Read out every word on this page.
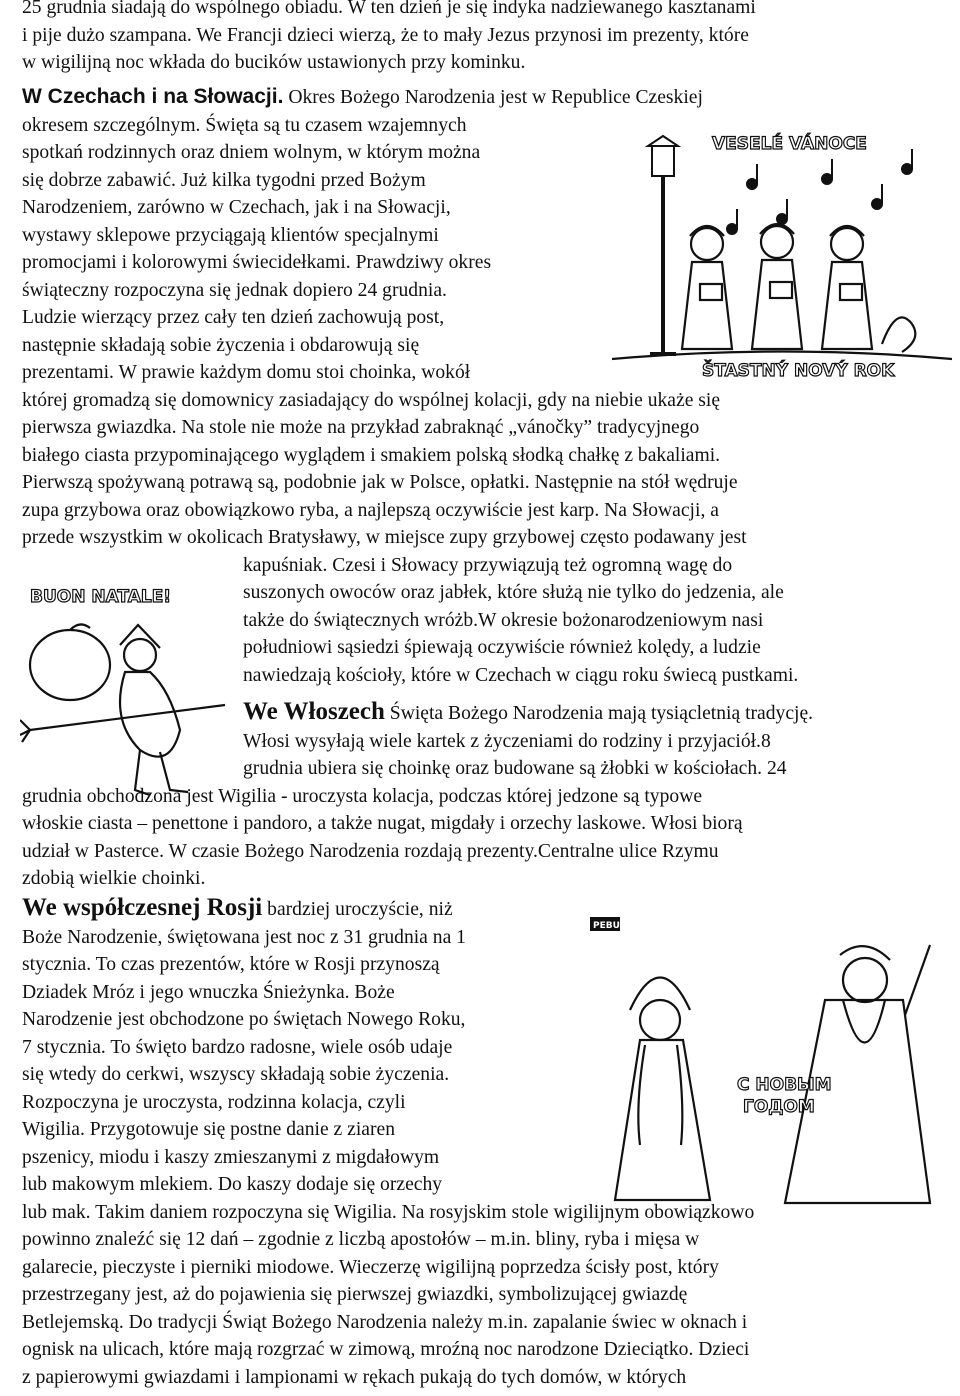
25 grudnia siadają do wspólnego obiadu. W ten dzień je się indyka nadziewanego kasztanami
i pije dużo szampana. We Francji dzieci wierzą, że to mały Jezus przynosi im prezenty, które
w wigilijną noc wkłada do bucików ustawionych przy kominku.
W Czechach i na Słowacji. Okres Bożego Narodzenia jest w Republice Czeskiej
okresem szczególnym. Święta są tu czasem wzajemnych
spotkań rodzinnych oraz dniem wolnym, w którym można
się dobrze zabawić. Już kilka tygodni przed Bożym
Narodzeniem, zarówno w Czechach, jak i na Słowacji,
wystawy sklepowe przyciągają klientów specjalnymi
promocjami i kolorowymi świecidełkami. Prawdziwy okres
świąteczny rozpoczyna się jednak dopiero 24 grudnia.
Ludzie wierzący przez cały ten dzień zachowują post,
następnie składają sobie życzenia i obdarowują się
prezentami. W prawie każdym domu stoi choinka, wokół
której gromadzą się domownicy zasiadający do wspólnej kolacji, gdy na niebie ukaże się
pierwsza gwiazdka. Na stole nie może na przykład zabraknąć „vánočky” tradycyjnego
białego ciasta przypominającego wyglądem i smakiem polską słodką chałkę z bakaliami.
Pierwszą spożywaną potrawą są, podobnie jak w Polsce, opłatki. Następnie na stół wędruje
zupa grzybowa oraz obowiązkowo ryba, a najlepszą oczywiście jest karp. Na Słowacji, a
przede wszystkim w okolicach Bratysławy, w miejsce zupy grzybowej często podawany jest
kapuśniak. Czesi i Słowacy przywiązują też ogromną wagę do
suszonych owoców oraz jabłek, które służą nie tylko do jedzenia, ale
także do świątecznych wróżb.W okresie bożonarodzeniowym nasi
południowi sąsiedzi śpiewają oczywiście również kolędy, a ludzie
nawiedzają kościoły, które w Czechach w ciągu roku świecą pustkami.
We Włoszech Święta Bożego Narodzenia mają tysiącletnią tradycję.
Włosi wysyłają wiele kartek z życzeniami do rodziny i przyjaciół.8
grudnia ubiera się choinkę oraz budowane są żłobki w kościołach. 24
grudnia obchodzona jest Wigilia - uroczysta kolacja, podczas której jedzone są typowe
włoskie ciasta – penettone i pandoro, a także nugat, migdały i orzechy laskowe. Włosi biorą
udział w Pasterce. W czasie Bożego Narodzenia rozdają prezenty.Centralne ulice Rzymu
zdobią wielkie choinki.
We współczesnej Rosji bardziej uroczyście, niż
Boże Narodzenie, świętowana jest noc z 31 grudnia na 1
stycznia. To czas prezentów, które w Rosji przynoszą
Dziadek Mróz i jego wnuczka Śnieżynka. Boże
Narodzenie jest obchodzone po świętach Nowego Roku,
7 stycznia. To święto bardzo radosne, wiele osób udaje
się wtedy do cerkwi, wszyscy składają sobie życzenia.
Rozpoczyna je uroczysta, rodzinna kolacja, czyli
Wigilia. Przygotowuje się postne danie z ziaren
pszenicy, miodu i kaszy zmieszanymi z migdałowym
lub makowym mlekiem. Do kaszy dodaje się orzechy
lub mak. Takim daniem rozpoczyna się Wigilia. Na rosyjskim stole wigilijnym obowiązkowo
powinno znaleźć się 12 dań – zgodnie z liczbą apostołów – m.in. bliny, ryba i mięsa w
galarecie, pieczyste i pierniki miodowe. Wieczerzę wigilijną poprzedza ścisły post, który
przestrzegany jest, aż do pojawienia się pierwszej gwiazdki, symbolizującej gwiazdę
Betlejemską. Do tradycji Świąt Bożego Narodzenia należy m.in. zapalanie świec w oknach i
ognisk na ulicach, które mają rozgrzać w zimową, mroźną noc narodzone Dzieciątko. Dzieci
z papierowymi gwiazdami i lampionami w rękach pukają do tych domów, w których
VESELÉ VÁNOCE
ŠTASTNÝ NOVÝ ROK
BUON NATALE!
РЕВUS
С НОВЫМ
ГОДОМ
